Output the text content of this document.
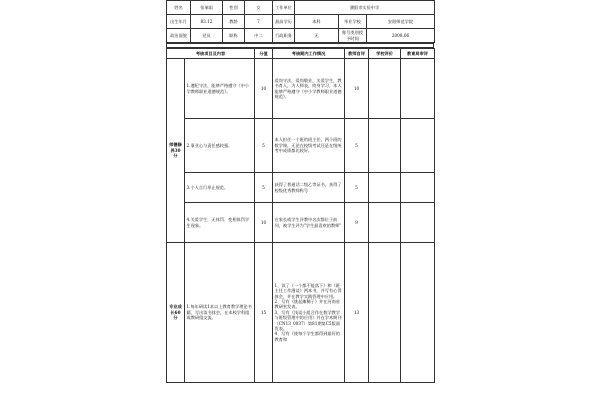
姓名	张瑞雨	性别	女	工作单位	濮阳市实验中学		
出生年月	83.12	教龄	7	最高学历	本科	毕业学校	安阳师范学院
政治面貌	党员	职称	中二	行政职务	无	称号类别授予时间	2008.06
考核项目及内容		分值	考核期内工作情况	教师自评	学校评价	教育局审评
师德修养30分	1.遵纪守法，能够严格遵守《中小学教师职业道德规范》。	10	爱岗守法，爱岗敬业，关爱学生，教书育人，为人师表，终身学习，本人能够严格遵守《中小学教师职业道德规范》。	10		
	2.事业心与责任感较强。	5	本人担任一个班的班主任，两个班的数学课，无论在校级考试还是在级统考中成绩都比较好。	5		
	3.个人言行举止规范。	5	获得了普通话二级乙等证书，获得了校级优秀教师称号	5		
	4.关爱学生，无体罚、变相体罚学生现象。	10	在家长或学生评教中名次都位于前列，被学生评为"学生最喜欢的教师"	9		
专业成长60分	1.每年研读1本以上教育教学理论书籍，写出读书体会，在本校学科组或教研组交流。	15	1、读了《一个都不能落下》和《班主任工作漫谈》两本书，并写有心得体会，并在教学实践管理中应用。
2、写有《挑起摊稀子》并在河南省教研室发表。
3、写有《浅谈小组合作在数学教学与班级管理中的应用》并在学术期刊（CN13_0037）第81期第C5版面发表。
4、写有《使每个学生都得到最好的教育和	13		
